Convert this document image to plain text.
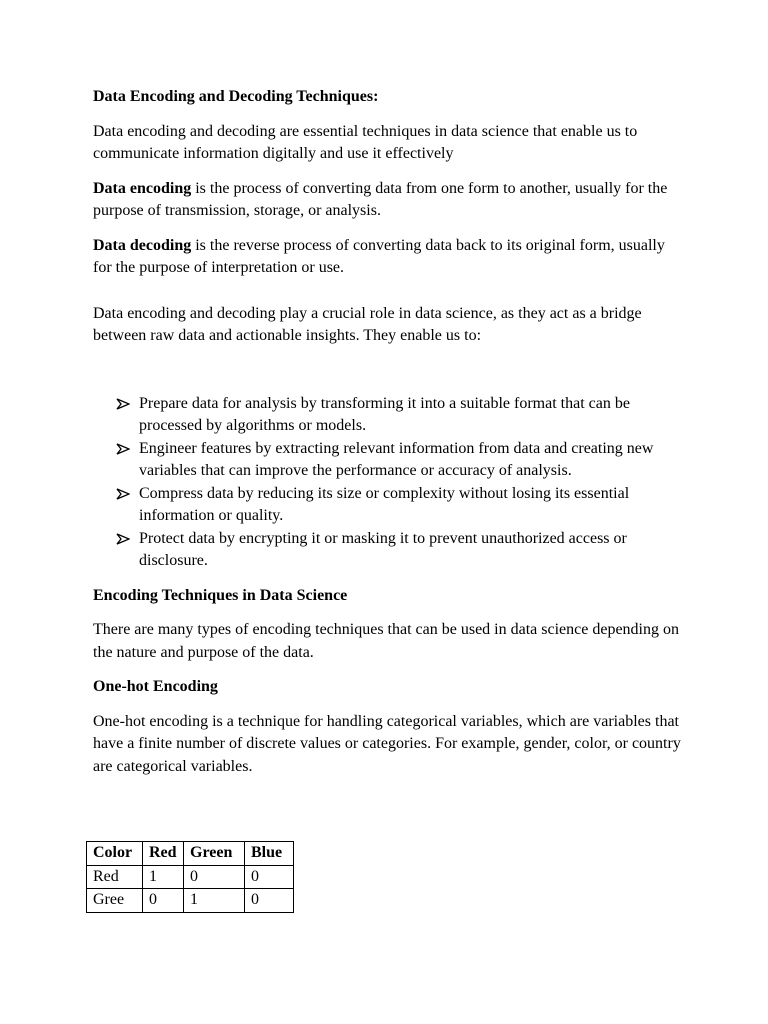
Data Encoding and Decoding Techniques:

Data encoding and decoding are essential techniques in data science that enable us to communicate information digitally and use it effectively

Data encoding is the process of converting data from one form to another, usually for the purpose of transmission, storage, or analysis.

Data decoding is the reverse process of converting data back to its original form, usually for the purpose of interpretation or use.

Data encoding and decoding play a crucial role in data science, as they act as a bridge between raw data and actionable insights. They enable us to:

Prepare data for analysis by transforming it into a suitable format that can be processed by algorithms or models.
Engineer features by extracting relevant information from data and creating new variables that can improve the performance or accuracy of analysis.
Compress data by reducing its size or complexity without losing its essential information or quality.
Protect data by encrypting it or masking it to prevent unauthorized access or disclosure.

Encoding Techniques in Data Science

There are many types of encoding techniques that can be used in data science depending on the nature and purpose of the data.

One-hot Encoding

One-hot encoding is a technique for handling categorical variables, which are variables that have a finite number of discrete values or categories. For example, gender, color, or country are categorical variables.

Color	Red	Green	Blue
Red	1	0	0
Gree	0	1	0
